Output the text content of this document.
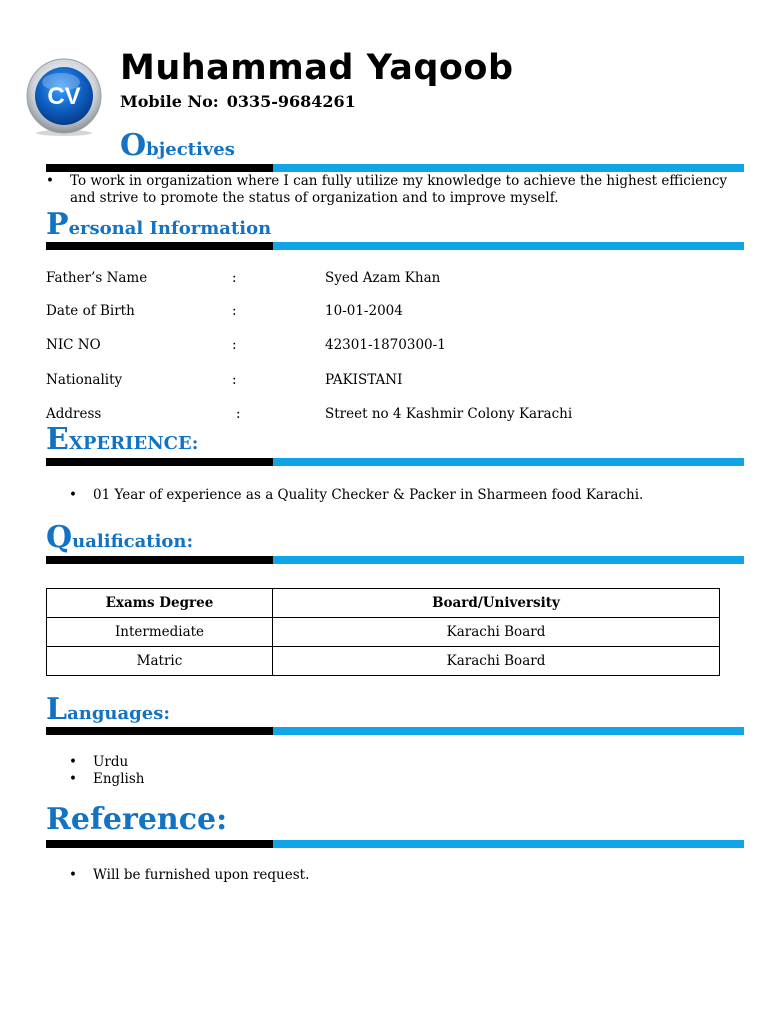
CV
Muhammad Yaqoob
Mobile No: 0335-9684261
Objectives
• To work in organization where I can fully utilize my knowledge to achieve the highest efficiency
and strive to promote the status of organization and to improve myself.
Personal Information
Father’s Name	:	Syed Azam Khan
Date of Birth	:	10-01-2004
NIC NO	:	42301-1870300-1
Nationality	:	PAKISTANI
Address	:	Street no 4 Kashmir Colony Karachi
EXPERIENCE:
• 01 Year of experience as a Quality Checker & Packer in Sharmeen food Karachi.
Qualification:
Exams Degree	Board/University
Intermediate	Karachi Board
Matric	Karachi Board
Languages:
• Urdu
• English
Reference:
• Will be furnished upon request.
